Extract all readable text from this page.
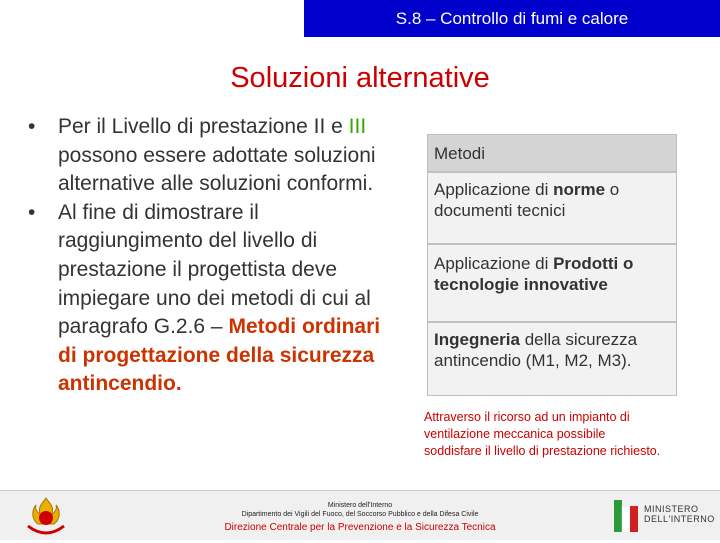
S.8 – Controllo di fumi e calore
Soluzioni alternative
• Per il Livello di prestazione II e III possono essere adottate soluzioni alternative alle soluzioni conformi.
• Al fine di dimostrare il raggiungimento del livello di prestazione il progettista deve impiegare uno dei metodi di cui al paragrafo G.2.6 – Metodi ordinari di progettazione della sicurezza antincendio.
Metodi
Applicazione di norme o documenti tecnici
Applicazione di Prodotti o tecnologie innovative
Ingegneria della sicurezza antincendio (M1, M2, M3).
Attraverso il ricorso ad un impianto di ventilazione meccanica possibile soddisfare il livello di prestazione richiesto.
Ministero dell'Interno
Dipartimento dei Vigili del Fuoco, del Soccorso Pubblico e della Difesa Civile
Direzione Centrale per la Prevenzione e la Sicurezza Tecnica
MINISTERO
DELL'INTERNO
